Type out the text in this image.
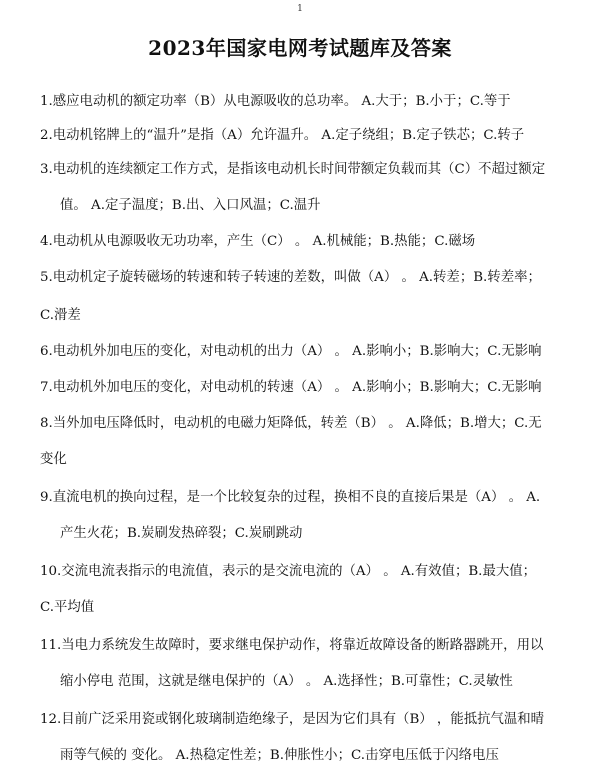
1
2023年国家电网考试题库及答案
1.感应电动机的额定功率（B）从电源吸收的总功率。 A.大于；B.小于；C.等于
2.电动机铭牌上的“温升”是指（A）允许温升。 A.定子绕组；B.定子铁芯；C.转子
3.电动机的连续额定工作方式，是指该电动机长时间带额定负载而其（C）不超过额定
值。 A.定子温度；B.出、入口风温；C.温升
4.电动机从电源吸收无功功率，产生（C） 。 A.机械能；B.热能；C.磁场
5.电动机定子旋转磁场的转速和转子转速的差数，叫做（A） 。 A.转差；B.转差率；
C.滑差
6.电动机外加电压的变化，对电动机的出力（A） 。 A.影响小；B.影响大；C.无影响
7.电动机外加电压的变化，对电动机的转速（A） 。 A.影响小；B.影响大；C.无影响
8.当外加电压降低时，电动机的电磁力矩降低，转差（B） 。 A.降低；B.增大；C.无
变化
9.直流电机的换向过程，是一个比较复杂的过程，换相不良的直接后果是（A） 。 A.
产生火花；B.炭刷发热碎裂；C.炭刷跳动
10.交流电流表指示的电流值，表示的是交流电流的（A） 。 A.有效值；B.最大值；
C.平均值
11.当电力系统发生故障时，要求继电保护动作，将靠近故障设备的断路器跳开，用以
缩小停电 范围，这就是继电保护的（A） 。 A.选择性；B.可靠性；C.灵敏性
12.目前广泛采用瓷或钢化玻璃制造绝缘子，是因为它们具有（B） ，能抵抗气温和晴
雨等气候的 变化。 A.热稳定性差；B.伸胀性小；C.击穿电压低于闪络电压
